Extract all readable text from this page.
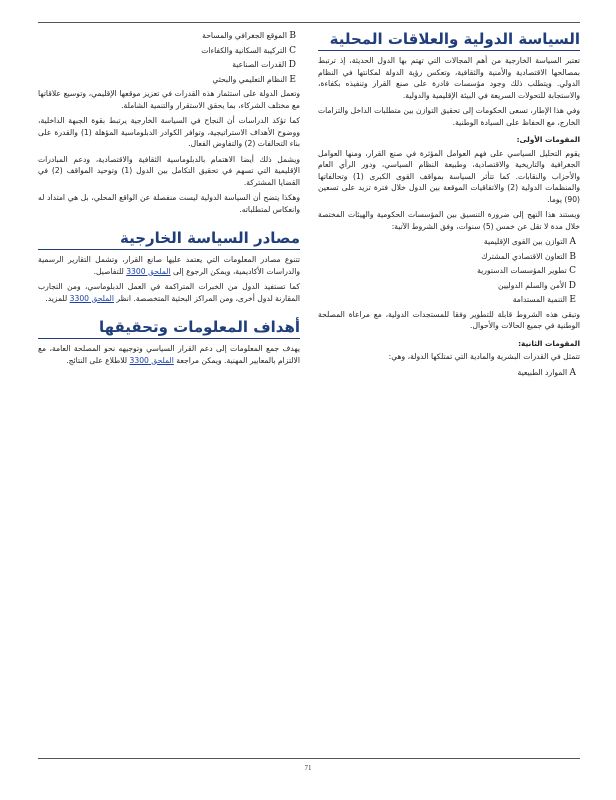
ﺍﻟﺴﻴﺎﺳﺔ ﺍﻟﺪﻭﻟﻴﺔ ﻭﺍﻟﻌﻼﻗﺎﺕ ﺍﻟﻤﺤﻠﻴﺔ

ﺗﻌﺘﺒﺮ ﺍﻟﺴﻴﺎﺳﺔ ﺍﻟﺨﺎﺭﺟﻴﺔ ﻣﻦ ﺃﻫﻢ ﺍﻟﻤﺠﺎﻻﺕ ﺍﻟﺘﻲ ﺗﻬﺘﻢ ﺑﻬﺎ ﺍﻟﺪﻭﻝ ﺍﻟﺤﺪﻳﺜﺔ، ﺇﺫ ﺗﺮﺗﺒﻂ ﺑﻤﺼﺎﻟﺤﻬﺎ ﺍﻻﻗﺘﺼﺎﺩﻳﺔ ﻭﺍﻷﻣﻨﻴﺔ ﻭﺍﻟﺜﻘﺎﻓﻴﺔ، ﻭﺗﻌﻜﺲ ﺭﺅﻳﺔ ﺍﻟﺪﻭﻟﺔ ﻟﻤﻜﺎﻧﺘﻬﺎ ﻓﻲ ﺍﻟﻨﻈﺎﻡ ﺍﻟﺪﻭﻟﻲ. ﻭﻳﺘﻄﻠﺐ ﺫﻟﻚ ﻭﺟﻮﺩ ﻣﺆﺳﺴﺎﺕ ﻗﺎﺩﺭﺓ ﻋﻠﻰ ﺻﻨﻊ ﺍﻟﻘﺮﺍﺭ ﻭﺗﻨﻔﻴﺬﻩ ﺑﻜﻔﺎﺀﺓ، ﻭﺍﻻﺳﺘﺠﺎﺑﺔ ﻟﻠﺘﺤﻮﻻﺕ ﺍﻟﺴﺮﻳﻌﺔ ﻓﻲ ﺍﻟﺒﻴﺌﺔ ﺍﻹﻗﻠﻴﻤﻴﺔ ﻭﺍﻟﺪﻭﻟﻴﺔ.

ﻭﻓﻲ ﻫﺬﺍ ﺍﻹﻃﺎﺭ، ﺗﺴﻌﻰ ﺍﻟﺤﻜﻮﻣﺎﺕ ﺇﻟﻰ ﺗﺤﻘﻴﻖ ﺍﻟﺘﻮﺍﺯﻥ ﺑﻴﻦ ﻣﺘﻄﻠﺒﺎﺕ ﺍﻟﺪﺍﺧﻞ ﻭﺍﻟﺘﺰﺍﻣﺎﺕ ﺍﻟﺨﺎﺭﺝ، ﻣﻊ ﺍﻟﺤﻔﺎﻅ ﻋﻠﻰ ﺍﻟﺴﻴﺎﺩﺓ ﺍﻟﻮﻃﻨﻴﺔ.

ﺍﻟﻤﻘﻮﻣﺎﺕ ﺍﻷﻭﻟﻰ:

ﻳﻘﻮﻡ ﺍﻟﺘﺤﻠﻴﻞ ﺍﻟﺴﻴﺎﺳﻲ ﻋﻠﻰ ﻓﻬﻢ ﺍﻟﻌﻮﺍﻣﻞ ﺍﻟﻤﺆﺛﺮﺓ ﻓﻲ ﺻﻨﻊ ﺍﻟﻘﺮﺍﺭ، ﻭﻣﻨﻬﺎ ﺍﻟﻌﻮﺍﻣﻞ ﺍﻟﺠﻐﺮﺍﻓﻴﺔ ﻭﺍﻟﺘﺎﺭﻳﺨﻴﺔ ﻭﺍﻻﻗﺘﺼﺎﺩﻳﺔ، ﻭﻃﺒﻴﻌﺔ ﺍﻟﻨﻈﺎﻡ ﺍﻟﺴﻴﺎﺳﻲ، ﻭﺩﻭﺭ ﺍﻟﺮﺃﻱ ﺍﻟﻌﺎﻡ ﻭﺍﻷﺣﺰﺍﺏ ﻭﺍﻟﻨﻘﺎﺑﺎﺕ. ﻛﻤﺎ ﺗﺘﺄﺛﺮ ﺍﻟﺴﻴﺎﺳﺔ ﺑﻤﻮﺍﻗﻒ ﺍﻟﻘﻮﻯ ﺍﻟﻜﺒﺮﻯ (1) ﻭﺗﺤﺎﻟﻔﺎﺗﻬﺎ ﻭﺍﻟﻤﻨﻈﻤﺎﺕ ﺍﻟﺪﻭﻟﻴﺔ (2) ﻭﺍﻻﺗﻔﺎﻗﻴﺎﺕ ﺍﻟﻤﻮﻗﻌﺔ ﺑﻴﻦ ﺍﻟﺪﻭﻝ ﺧﻼﻝ ﻓﺘﺮﺓ ﺗﺰﻳﺪ ﻋﻠﻰ ﺗﺴﻌﻴﻦ (90) ﻳﻮﻣﺎ.

ﻭﻳﺴﺘﻨﺪ ﻫﺬﺍ ﺍﻟﻨﻬﺞ ﺇﻟﻰ ﺿﺮﻭﺭﺓ ﺍﻟﺘﻨﺴﻴﻖ ﺑﻴﻦ ﺍﻟﻤﺆﺳﺴﺎﺕ ﺍﻟﺤﻜﻮﻣﻴﺔ ﻭﺍﻟﻬﻴﺌﺎﺕ ﺍﻟﻤﺨﺘﺼﺔ ﺧﻼﻝ ﻣﺪﺓ ﻻ ﺗﻘﻞ ﻋﻦ ﺧﻤﺲ (5) ﺳﻨﻮﺍﺕ، ﻭﻓﻖ ﺍﻟﺸﺮﻭﻁ ﺍﻵﺗﻴﺔ:

A ﺍﻟﺘﻮﺍﺯﻥ ﺑﻴﻦ ﺍﻟﻘﻮﻯ ﺍﻹﻗﻠﻴﻤﻴﺔ
B ﺍﻟﺘﻌﺎﻭﻥ ﺍﻻﻗﺘﺼﺎﺩﻱ ﺍﻟﻤﺸﺘﺮﻙ
C ﺗﻄﻮﻳﺮ ﺍﻟﻤﺆﺳﺴﺎﺕ ﺍﻟﺪﺳﺘﻮﺭﻳﺔ
D ﺍﻷﻣﻦ ﻭﺍﻟﺴﻠﻢ ﺍﻟﺪﻭﻟﻴﻴﻦ
E ﺍﻟﺘﻨﻤﻴﺔ ﺍﻟﻤﺴﺘﺪﺍﻣﺔ

ﻭﺗﺒﻘﻰ ﻫﺬﻩ ﺍﻟﺸﺮﻭﻁ ﻗﺎﺑﻠﺔ ﻟﻠﺘﻄﻮﻳﺮ ﻭﻓﻘﺎ ﻟﻠﻤﺴﺘﺠﺪﺍﺕ ﺍﻟﺪﻭﻟﻴﺔ، ﻣﻊ ﻣﺮﺍﻋﺎﺓ ﺍﻟﻤﺼﻠﺤﺔ ﺍﻟﻮﻃﻨﻴﺔ ﻓﻲ ﺟﻤﻴﻊ ﺍﻟﺤﺎﻻﺕ ﻭﺍﻷﺣﻮﺍﻝ.

ﺍﻟﻤﻘﻮﻣﺎﺕ ﺍﻟﺜﺎﻧﻴﺔ:

ﺗﺘﻤﺜﻞ ﻓﻲ ﺍﻟﻘﺪﺭﺍﺕ ﺍﻟﺒﺸﺮﻳﺔ ﻭﺍﻟﻤﺎﺩﻳﺔ ﺍﻟﺘﻲ ﺗﻤﺘﻠﻜﻬﺎ ﺍﻟﺪﻭﻟﺔ، ﻭﻫﻲ:

A ﺍﻟﻤﻮﺍﺭﺩ ﺍﻟﻄﺒﻴﻌﻴﺔ
B ﺍﻟﻤﻮﻗﻊ ﺍﻟﺠﻐﺮﺍﻓﻲ ﻭﺍﻟﻤﺴﺎﺣﺔ
C ﺍﻟﺘﺮﻛﻴﺒﺔ ﺍﻟﺴﻜﺎﻧﻴﺔ ﻭﺍﻟﻜﻔﺎﺀﺍﺕ
D ﺍﻟﻘﺪﺭﺍﺕ ﺍﻟﺼﻨﺎﻋﻴﺔ
E ﺍﻟﻨﻈﺎﻡ ﺍﻟﺘﻌﻠﻴﻤﻲ ﻭﺍﻟﺒﺤﺜﻲ

ﻭﺗﻌﻤﻞ ﺍﻟﺪﻭﻟﺔ ﻋﻠﻰ ﺍﺳﺘﺜﻤﺎﺭ ﻫﺬﻩ ﺍﻟﻘﺪﺭﺍﺕ ﻓﻲ ﺗﻌﺰﻳﺰ ﻣﻮﻗﻌﻬﺎ ﺍﻹﻗﻠﻴﻤﻲ، ﻭﺗﻮﺳﻴﻊ ﻋﻼﻗﺎﺗﻬﺎ ﻣﻊ ﻣﺨﺘﻠﻒ ﺍﻟﺸﺮﻛﺎﺀ، ﺑﻤﺎ ﻳﺤﻘﻖ ﺍﻻﺳﺘﻘﺮﺍﺭ ﻭﺍﻟﺘﻨﻤﻴﺔ ﺍﻟﺸﺎﻣﻠﺔ.

ﻛﻤﺎ ﺗﺆﻛﺪ ﺍﻟﺪﺭﺍﺳﺎﺕ ﺃﻥ ﺍﻟﻨﺠﺎﺡ ﻓﻲ ﺍﻟﺴﻴﺎﺳﺔ ﺍﻟﺨﺎﺭﺟﻴﺔ ﻳﺮﺗﺒﻂ ﺑﻘﻮﺓ ﺍﻟﺠﺒﻬﺔ ﺍﻟﺪﺍﺧﻠﻴﺔ، ﻭﻭﺿﻮﺡ ﺍﻷﻫﺪﺍﻑ ﺍﻻﺳﺘﺮﺍﺗﻴﺠﻴﺔ، ﻭﺗﻮﺍﻓﺮ ﺍﻟﻜﻮﺍﺩﺭ ﺍﻟﺪﺑﻠﻮﻣﺎﺳﻴﺔ ﺍﻟﻤﺆﻫﻠﺔ (1) ﻭﺍﻟﻘﺪﺭﺓ ﻋﻠﻰ ﺑﻨﺎﺀ ﺍﻟﺘﺤﺎﻟﻔﺎﺕ (2) ﻭﺍﻟﺘﻔﺎﻭﺽ ﺍﻟﻔﻌﺎﻝ.

ﻭﻳﺸﻤﻞ ﺫﻟﻚ ﺃﻳﻀﺎ ﺍﻻﻫﺘﻤﺎﻡ ﺑﺎﻟﺪﺑﻠﻮﻣﺎﺳﻴﺔ ﺍﻟﺜﻘﺎﻓﻴﺔ ﻭﺍﻻﻗﺘﺼﺎﺩﻳﺔ، ﻭﺩﻋﻢ ﺍﻟﻤﺒﺎﺩﺭﺍﺕ ﺍﻹﻗﻠﻴﻤﻴﺔ ﺍﻟﺘﻲ ﺗﺴﻬﻢ ﻓﻲ ﺗﺤﻘﻴﻖ ﺍﻟﺘﻜﺎﻣﻞ ﺑﻴﻦ ﺍﻟﺪﻭﻝ (1) ﻭﺗﻮﺣﻴﺪ ﺍﻟﻤﻮﺍﻗﻒ (2) ﻓﻲ ﺍﻟﻘﻀﺎﻳﺎ ﺍﻟﻤﺸﺘﺮﻛﺔ.

ﻭﻫﻜﺬﺍ ﻳﺘﻀﺢ ﺃﻥ ﺍﻟﺴﻴﺎﺳﺔ ﺍﻟﺪﻭﻟﻴﺔ ﻟﻴﺴﺖ ﻣﻨﻔﺼﻠﺔ ﻋﻦ ﺍﻟﻮﺍﻗﻊ ﺍﻟﻤﺤﻠﻲ، ﺑﻞ ﻫﻲ ﺍﻣﺘﺪﺍﺩ ﻟﻪ ﻭﺍﻧﻌﻜﺎﺱ ﻟﻤﺘﻄﻠﺒﺎﺗﻪ.

ﻣﺼﺎﺩﺭ ﺍﻟﺴﻴﺎﺳﺔ ﺍﻟﺨﺎﺭﺟﻴﺔ

ﺗﺘﻨﻮﻉ ﻣﺼﺎﺩﺭ ﺍﻟﻤﻌﻠﻮﻣﺎﺕ ﺍﻟﺘﻲ ﻳﻌﺘﻤﺪ ﻋﻠﻴﻬﺎ ﺻﺎﻧﻊ ﺍﻟﻘﺮﺍﺭ، ﻭﺗﺸﻤﻞ ﺍﻟﺘﻘﺎﺭﻳﺮ ﺍﻟﺮﺳﻤﻴﺔ ﻭﺍﻟﺪﺭﺍﺳﺎﺕ ﺍﻷﻛﺎﺩﻳﻤﻴﺔ، ﻭﻳﻤﻜﻦ ﺍﻟﺮﺟﻮﻉ ﺇﻟﻰ ﺍﻟﻤﻠﺤﻖ 3300 ﻟﻠﺘﻔﺎﺻﻴﻞ.

ﻛﻤﺎ ﺗﺴﺘﻔﻴﺪ ﺍﻟﺪﻭﻝ ﻣﻦ ﺍﻟﺨﺒﺮﺍﺕ ﺍﻟﻤﺘﺮﺍﻛﻤﺔ ﻓﻲ ﺍﻟﻌﻤﻞ ﺍﻟﺪﺑﻠﻮﻣﺎﺳﻲ، ﻭﻣﻦ ﺍﻟﺘﺠﺎﺭﺏ ﺍﻟﻤﻘﺎﺭﻧﺔ ﻟﺪﻭﻝ ﺃﺧﺮﻯ، ﻭﻣﻦ ﺍﻟﻤﺮﺍﻛﺰ ﺍﻟﺒﺤﺜﻴﺔ ﺍﻟﻤﺘﺨﺼﺼﺔ. ﺍﻧﻈﺮ ﺍﻟﻤﻠﺤﻖ 3300 ﻟﻠﻤﺰﻳﺪ.

ﺃﻫﺪﺍﻑ ﺍﻟﻤﻌﻠﻮﻣﺎﺕ ﻭﺗﺤﻘﻴﻘﻬﺎ

ﻳﻬﺪﻑ ﺟﻤﻊ ﺍﻟﻤﻌﻠﻮﻣﺎﺕ ﺇﻟﻰ ﺩﻋﻢ ﺍﻟﻘﺮﺍﺭ ﺍﻟﺴﻴﺎﺳﻲ ﻭﺗﻮﺟﻴﻬﻪ ﻧﺤﻮ ﺍﻟﻤﺼﻠﺤﺔ ﺍﻟﻌﺎﻣﺔ، ﻣﻊ ﺍﻻﻟﺘﺰﺍﻡ ﺑﺎﻟﻤﻌﺎﻳﻴﺮ ﺍﻟﻤﻬﻨﻴﺔ. ﻭﻳﻤﻜﻦ ﻣﺮﺍﺟﻌﺔ ﺍﻟﻤﻠﺤﻖ 3300 ﻟﻼﻃﻼﻉ ﻋﻠﻰ ﺍﻟﻨﺘﺎﺋﺞ.

71
